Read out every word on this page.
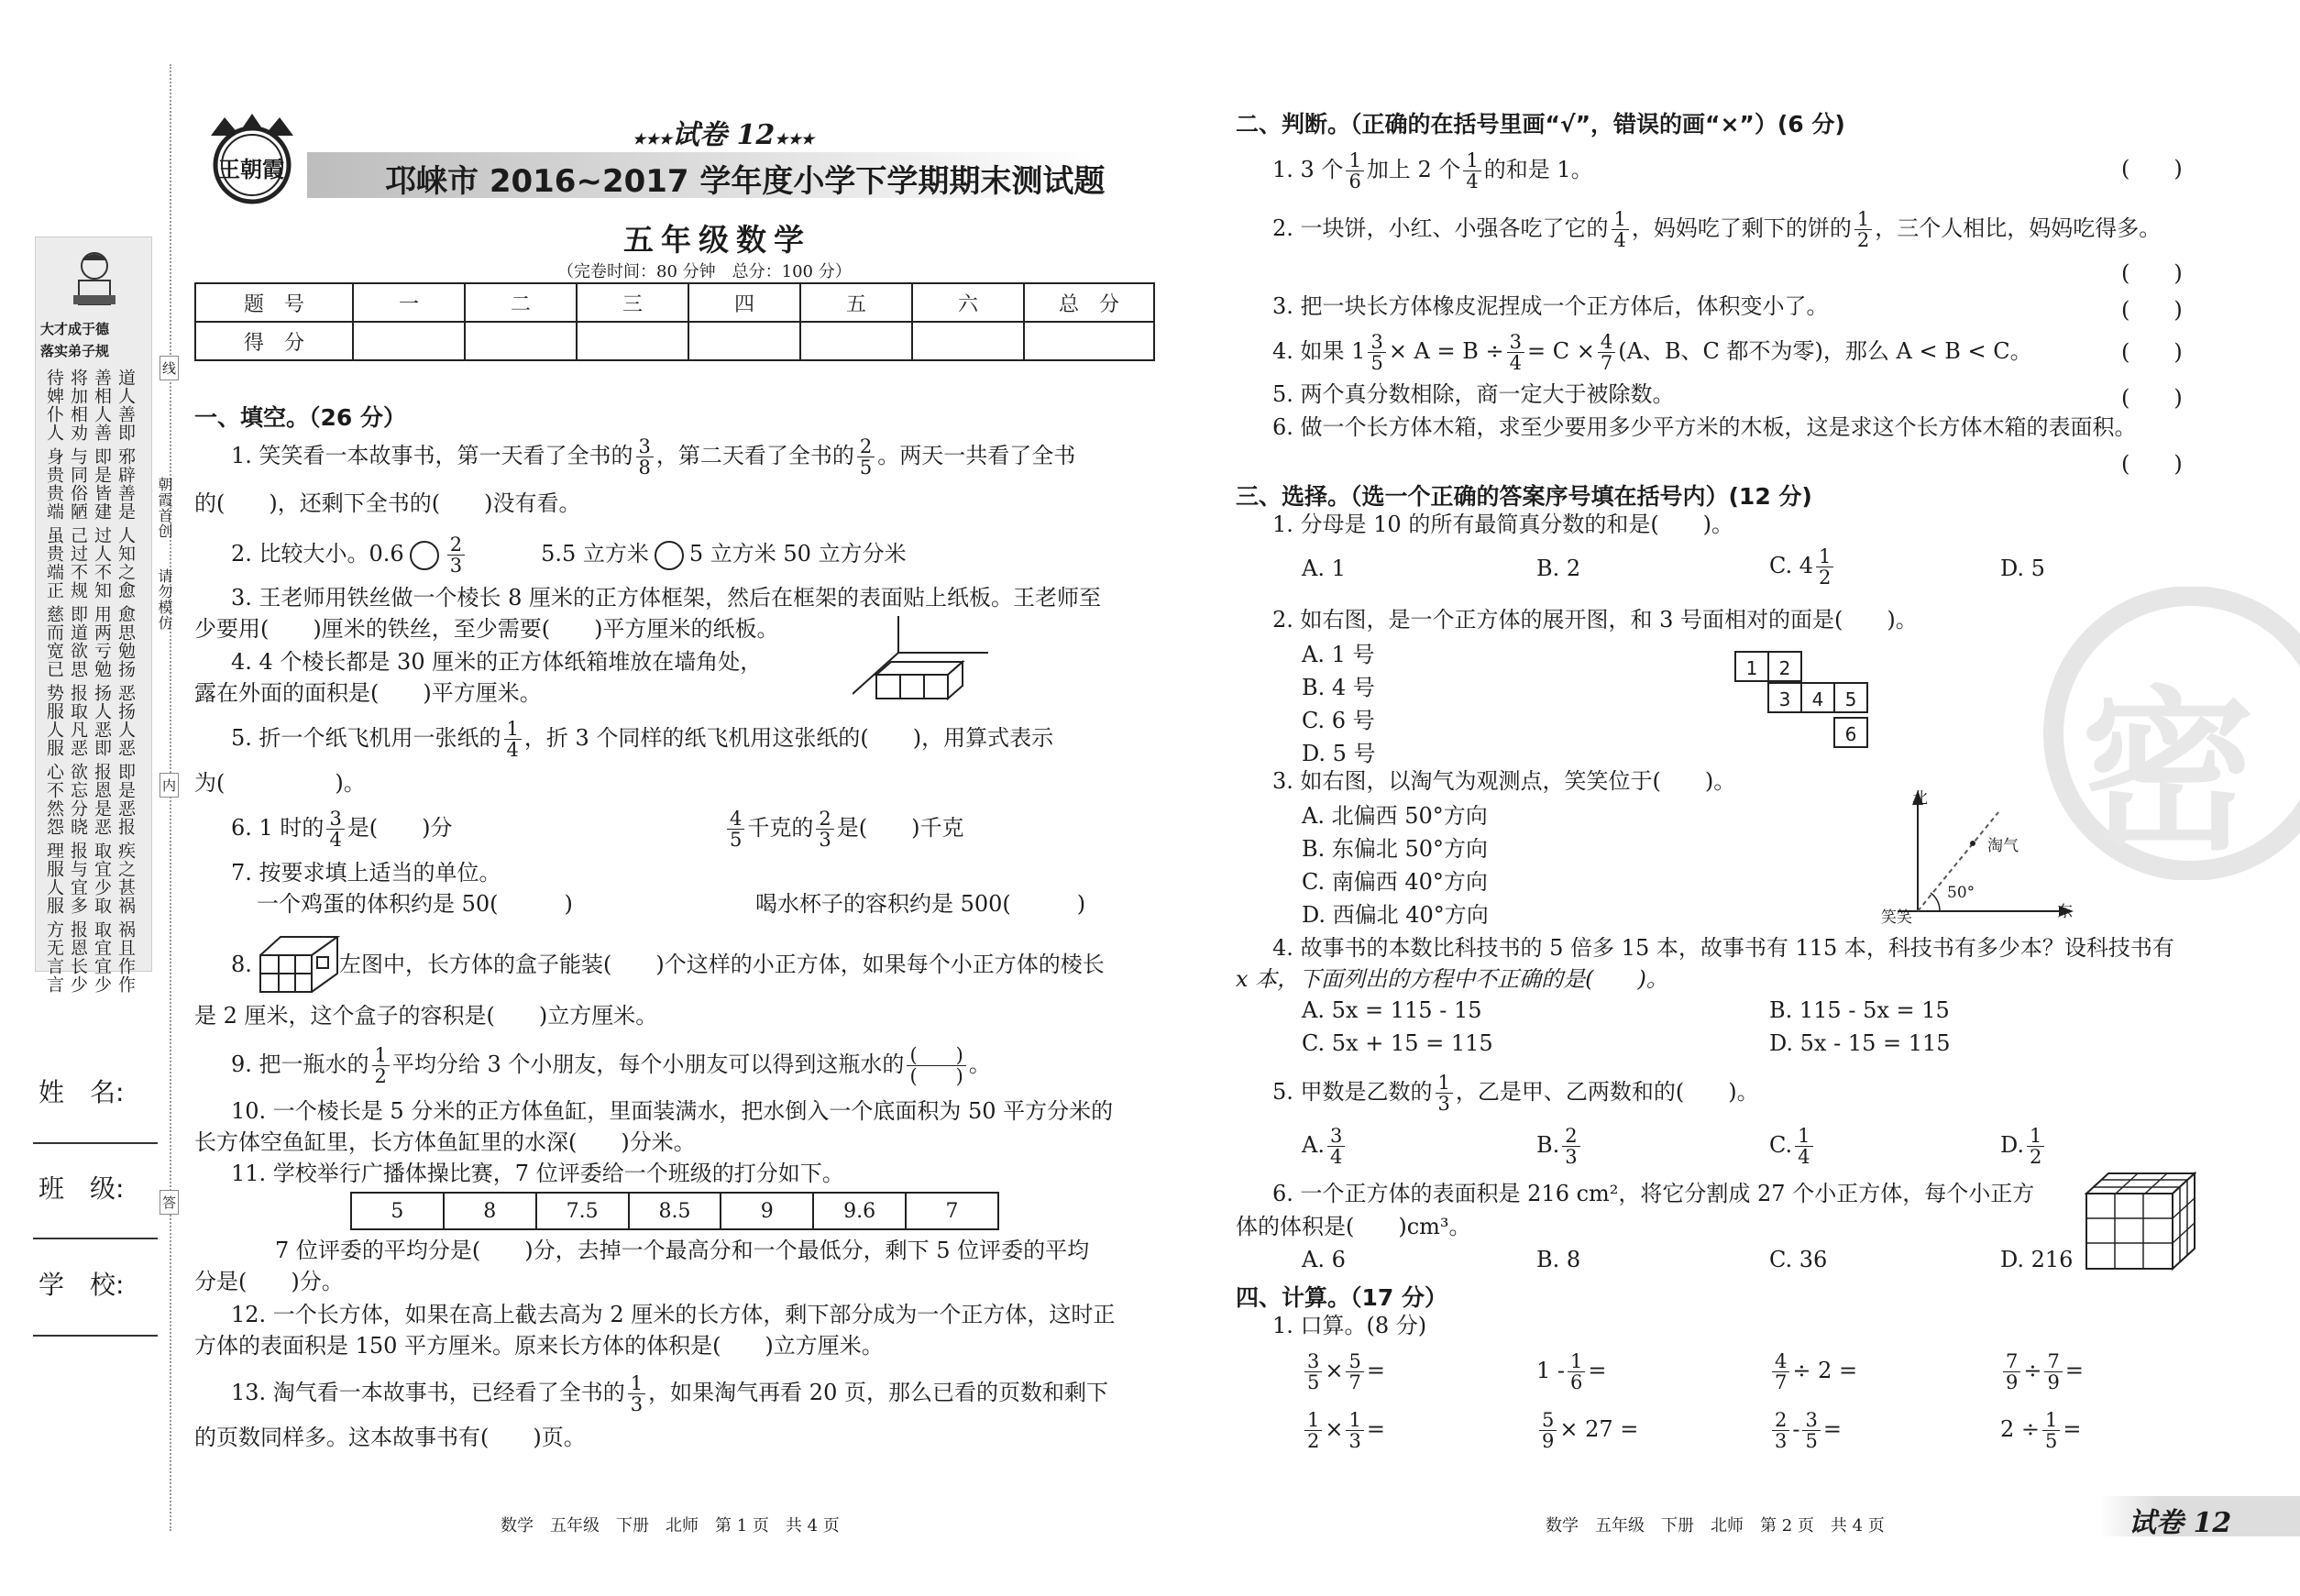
大才成于德
落实弟子规
待婢仆人 将加相劝 善相人善 道人善即
身贵贵端 与同俗陋 即是皆建 邪辟善是
虽贵端正 己过不规 过人不知 人知之愈
慈而宽已 即道欲思 用两亏勉 愈思勉扬
势服人服 报取凡恶 扬人恶即 恶扬人恶
心不然怨 欲忘分晓 报恩是恶 即是恶报
理服人服 报与宜多 取宜少取 疾之甚祸
方无言言 报恩长少 取宜宜少 祸且作作
朝霞首创
请勿模仿
线
内
答
姓　名:
班　级:
学　校:
王朝霞
★★★试卷 12★★★
邛崃市 2016~2017 学年度小学下学期期末测试题
五年级数学
（完卷时间：80 分钟　总分：100 分）
题　号	一	二	三	四	五	六	总　分
得　分							
一、填空。（26 分）
1. 笑笑看一本故事书，第一天看了全书的 $\frac{3}{8}$ ，第二天看了全书的 $\frac{2}{5}$ 。两天一共看了全书
的(　　)，还剩下全书的(　　)没有看。
2. 比较大小。$0.6 \frac{2}{3}$	5.5 立方米 5 立方米 50 立方分米
3. 王老师用铁丝做一个棱长 8 厘米的正方体框架，然后在框架的表面贴上纸板。王老师至
少要用(　　)厘米的铁丝，至少需要(　　)平方厘米的纸板。
4. 4 个棱长都是 30 厘米的正方体纸箱堆放在墙角处，
露在外面的面积是(　　)平方厘米。
5. 折一个纸飞机用一张纸的 $\frac{1}{4}$ ，折 3 个同样的纸飞机用这张纸的(　　)，用算式表示
为(　　　　　)。
6. 1 时的 $\frac{3}{4}$ 是(　　)分	$\frac{4}{5}$ 千克的 $\frac{2}{3}$ 是(　　)千克
7. 按要求填上适当的单位。
一个鸡蛋的体积约是 50(　　　)	喝水杯子的容积约是 500(　　　)
8.	左图中，长方体的盒子能装(　　)个这样的小正方体，如果每个小正方体的棱长
是 2 厘米，这个盒子的容积是(　　)立方厘米。
9. 把一瓶水的 $\frac{1}{2}$ 平均分给 3 个小朋友，每个小朋友可以得到这瓶水的 $\frac{( )}{( )}$ 。
10. 一个棱长是 5 分米的正方体鱼缸，里面装满水，把水倒入一个底面积为 50 平方分米的
长方体空鱼缸里，长方体鱼缸里的水深(　　)分米。
11. 学校举行广播体操比赛，7 位评委给一个班级的打分如下。
5	8	7.5	8.5	9	9.6	7
7 位评委的平均分是(　　)分，去掉一个最高分和一个最低分，剩下 5 位评委的平均
分是(　　)分。
12. 一个长方体，如果在高上截去高为 2 厘米的长方体，剩下部分成为一个正方体，这时正
方体的表面积是 150 平方厘米。原来长方体的体积是(　　)立方厘米。
13. 淘气看一本故事书，已经看了全书的 $\frac{1}{3}$ ，如果淘气再看 20 页，那么已看的页数和剩下
的页数同样多。这本故事书有(　　)页。
数学　五年级　下册　北师　第 1 页　共 4 页
密
二、判断。（正确的在括号里画“√”，错误的画“×”）(6 分)
1. 3 个 $\frac{1}{6}$ 加上 2 个 $\frac{1}{4}$ 的和是 1。	(　　)
2. 一块饼，小红、小强各吃了它的 $\frac{1}{4}$ ，妈妈吃了剩下的饼的 $\frac{1}{2}$ ，三个人相比，妈妈吃得多。
(　　)
3. 把一块长方体橡皮泥捏成一个正方体后，体积变小了。	(　　)
4. 如果 $1 \frac{3}{5} \times A = B \div \frac{3}{4} = C \times \frac{4}{7} (A$、B、C 都不为零)，那么 A < B < C。	(　　)
5. 两个真分数相除，商一定大于被除数。	(　　)
6. 做一个长方体木箱，求至少要用多少平方米的木板，这是求这个长方体木箱的表面积。
(　　)
三、选择。（选一个正确的答案序号填在括号内）(12 分)
1. 分母是 10 的所有最简真分数的和是(　　)。
A. 1	B. 2	C. $4 \frac{1}{2}$	D. 5
2. 如右图，是一个正方体的展开图，和 3 号面相对的面是(　　)。
A. 1 号
B. 4 号
C. 6 号
D. 5 号
1	2
3	4	5
6
3. 如右图，以淘气为观测点，笑笑位于(　　)。
A. 北偏西 50°方向
B. 东偏北 50°方向
C. 南偏西 40°方向
D. 西偏北 40°方向
北
东
50°
淘气
笑笑
4. 故事书的本数比科技书的 5 倍多 15 本，故事书有 115 本，科技书有多少本？设科技书有
x 本，下面列出的方程中不正确的是(　　)。
A. 5x = 115 - 15	B. 115 - 5x = 15
C. 5x + 15 = 115	D. 5x - 15 = 115
5. 甲数是乙数的 $\frac{1}{3}$ ，乙是甲、乙两数和的(　　)。
A. $\frac{3}{4}$	B. $\frac{2}{3}$	C. $\frac{1}{4}$	D. $\frac{1}{2}$
6. 一个正方体的表面积是 216 cm²，将它分割成 27 个小正方体，每个小正方
体的体积是(　　)cm³。
A. 6	B. 8	C. 36	D. 216
四、计算。（17 分）
1. 口算。(8 分)
$\frac{3}{5} \times \frac{5}{7}$ =	$1 - \frac{1}{6}$ =	$\frac{4}{7} \div 2$ =	$\frac{7}{9} \div \frac{7}{9}$ =
$\frac{1}{2} \times \frac{1}{3}$ =	$\frac{5}{9} \times 27$ =	$\frac{2}{3} - \frac{3}{5}$ =	$2 \div \frac{1}{5}$ =
数学　五年级　下册　北师　第 2 页　共 4 页	试卷 12
